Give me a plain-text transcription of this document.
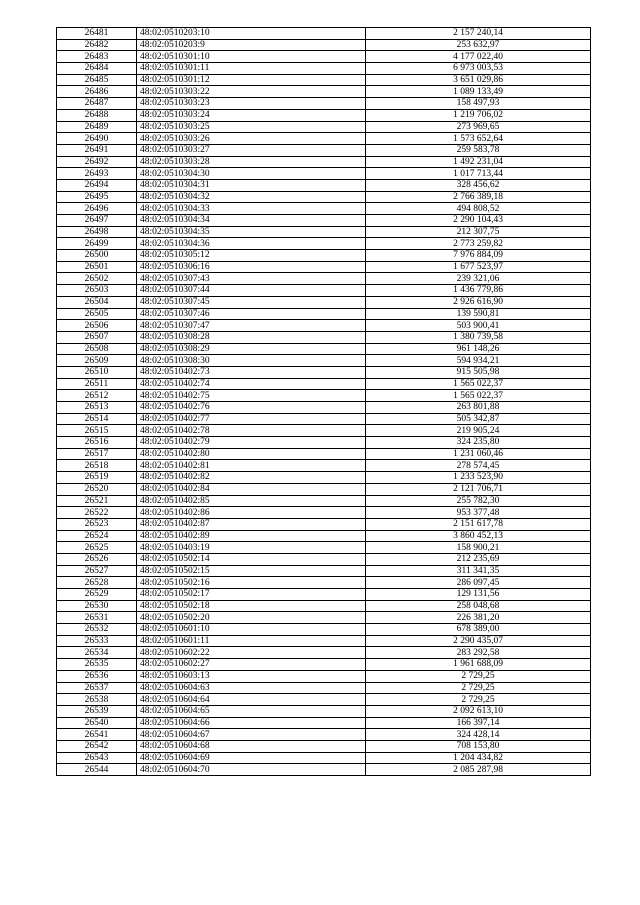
26481	48:02:0510203:10	2 157 240,14
26482	48:02:0510203:9	253 632,97
26483	48:02:0510301:10	4 177 022,40
26484	48:02:0510301:11	6 973 003,53
26485	48:02:0510301:12	3 651 029,86
26486	48:02:0510303:22	1 089 133,49
26487	48:02:0510303:23	158 497,93
26488	48:02:0510303:24	1 219 706,02
26489	48:02:0510303:25	273 969,65
26490	48:02:0510303:26	1 573 652,64
26491	48:02:0510303:27	259 583,78
26492	48:02:0510303:28	1 492 231,04
26493	48:02:0510304:30	1 017 713,44
26494	48:02:0510304:31	328 456,62
26495	48:02:0510304:32	2 766 389,18
26496	48:02:0510304:33	494 808,52
26497	48:02:0510304:34	2 290 104,43
26498	48:02:0510304:35	212 307,75
26499	48:02:0510304:36	2 773 259,82
26500	48:02:0510305:12	7 976 884,09
26501	48:02:0510306:16	1 677 523,97
26502	48:02:0510307:43	239 321,06
26503	48:02:0510307:44	1 436 779,86
26504	48:02:0510307:45	2 926 616,90
26505	48:02:0510307:46	139 590,81
26506	48:02:0510307:47	503 900,41
26507	48:02:0510308:28	1 380 739,58
26508	48:02:0510308:29	961 148,26
26509	48:02:0510308:30	594 934,21
26510	48:02:0510402:73	915 505,98
26511	48:02:0510402:74	1 565 022,37
26512	48:02:0510402:75	1 565 022,37
26513	48:02:0510402:76	263 801,88
26514	48:02:0510402:77	505 342,87
26515	48:02:0510402:78	219 905,24
26516	48:02:0510402:79	324 235,80
26517	48:02:0510402:80	1 231 060,46
26518	48:02:0510402:81	278 574,45
26519	48:02:0510402:82	1 233 523,90
26520	48:02:0510402:84	2 121 706,71
26521	48:02:0510402:85	255 782,30
26522	48:02:0510402:86	953 377,48
26523	48:02:0510402:87	2 151 617,78
26524	48:02:0510402:89	3 860 452,13
26525	48:02:0510403:19	158 900,21
26526	48:02:0510502:14	212 235,69
26527	48:02:0510502:15	311 341,35
26528	48:02:0510502:16	286 097,45
26529	48:02:0510502:17	129 131,56
26530	48:02:0510502:18	258 048,68
26531	48:02:0510502:20	226 381,20
26532	48:02:0510601:10	678 389,00
26533	48:02:0510601:11	2 290 435,07
26534	48:02:0510602:22	283 292,58
26535	48:02:0510602:27	1 961 688,09
26536	48:02:0510603:13	2 729,25
26537	48:02:0510604:63	2 729,25
26538	48:02:0510604:64	2 729,25
26539	48:02:0510604:65	2 092 613,10
26540	48:02:0510604:66	166 397,14
26541	48:02:0510604:67	324 428,14
26542	48:02:0510604:68	708 153,80
26543	48:02:0510604:69	1 204 434,82
26544	48:02:0510604:70	2 085 287,98
